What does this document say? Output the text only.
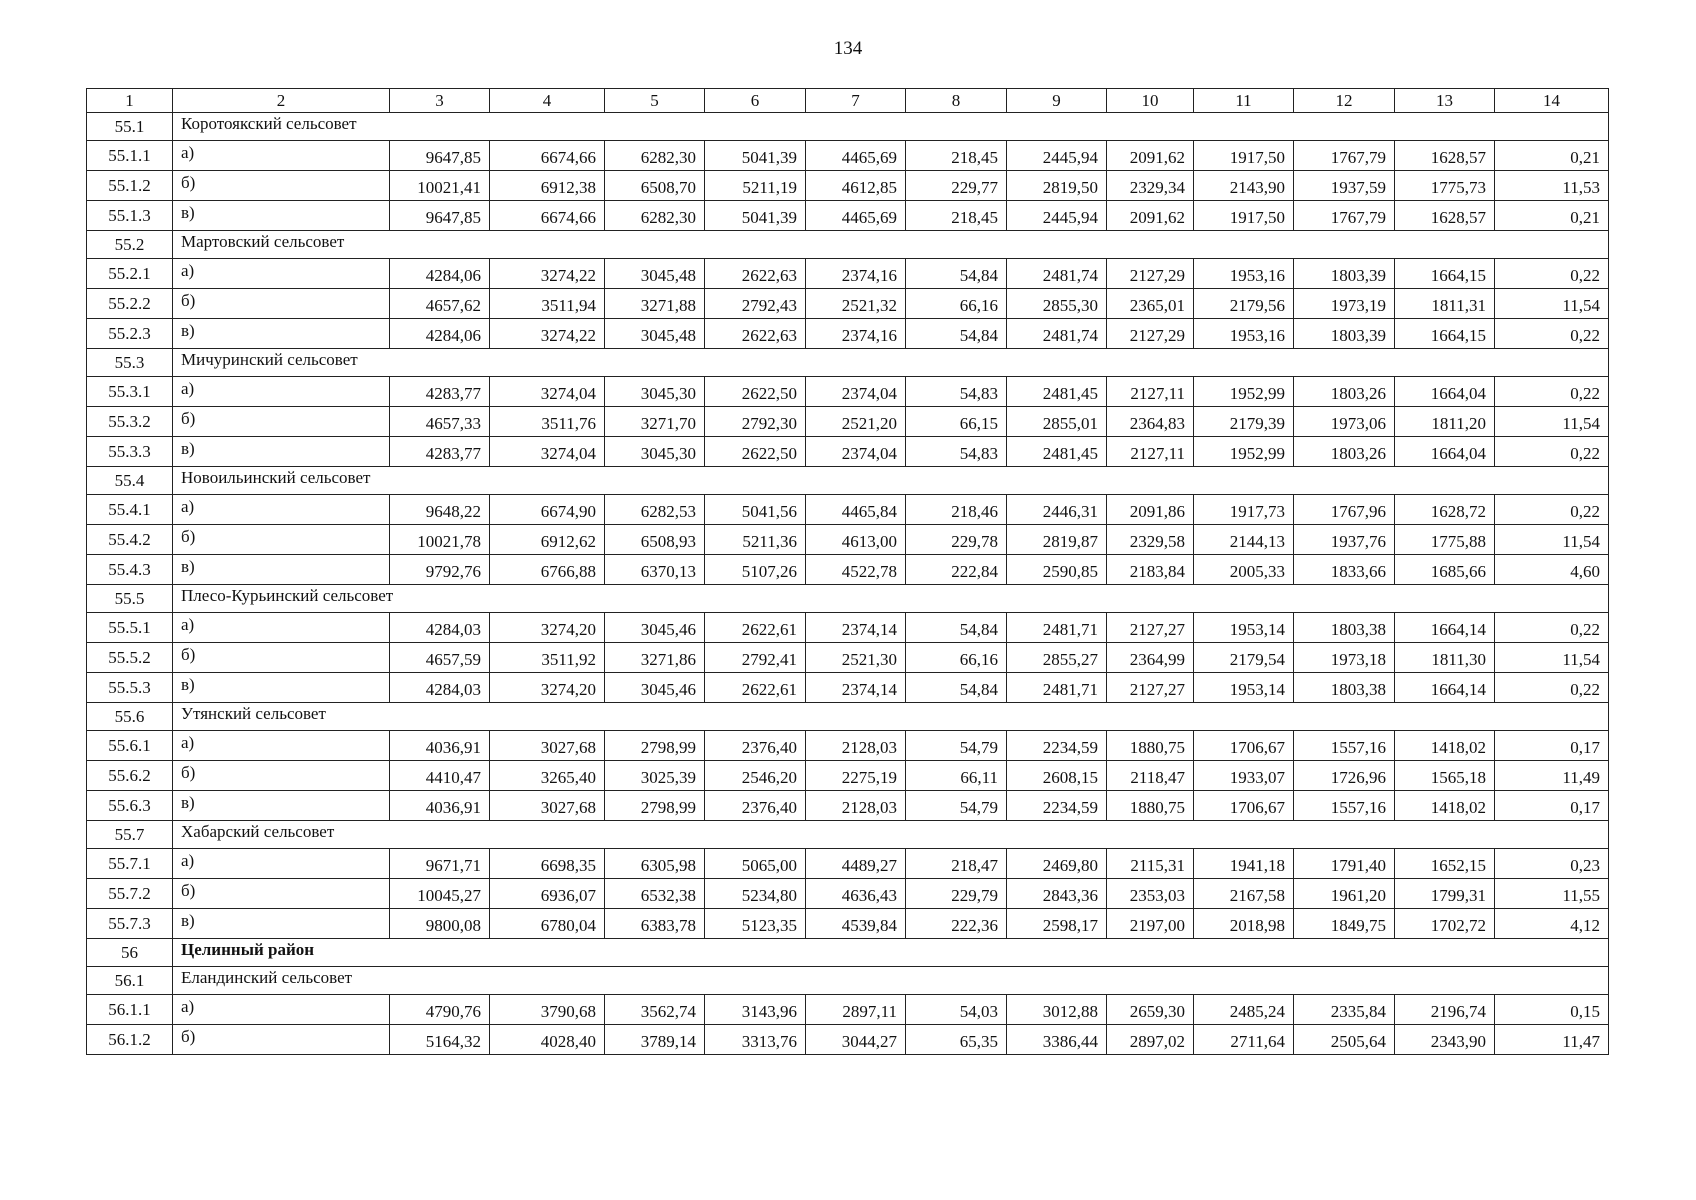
134
1	2	3	4	5	6	7	8	9	10	11	12	13	14
55.1	Коротоякский сельсовет												
55.1.1	а)	9647,85	6674,66	6282,30	5041,39	4465,69	218,45	2445,94	2091,62	1917,50	1767,79	1628,57	0,21
55.1.2	б)	10021,41	6912,38	6508,70	5211,19	4612,85	229,77	2819,50	2329,34	2143,90	1937,59	1775,73	11,53
55.1.3	в)	9647,85	6674,66	6282,30	5041,39	4465,69	218,45	2445,94	2091,62	1917,50	1767,79	1628,57	0,21
55.2	Мартовский сельсовет												
55.2.1	а)	4284,06	3274,22	3045,48	2622,63	2374,16	54,84	2481,74	2127,29	1953,16	1803,39	1664,15	0,22
55.2.2	б)	4657,62	3511,94	3271,88	2792,43	2521,32	66,16	2855,30	2365,01	2179,56	1973,19	1811,31	11,54
55.2.3	в)	4284,06	3274,22	3045,48	2622,63	2374,16	54,84	2481,74	2127,29	1953,16	1803,39	1664,15	0,22
55.3	Мичуринский сельсовет												
55.3.1	а)	4283,77	3274,04	3045,30	2622,50	2374,04	54,83	2481,45	2127,11	1952,99	1803,26	1664,04	0,22
55.3.2	б)	4657,33	3511,76	3271,70	2792,30	2521,20	66,15	2855,01	2364,83	2179,39	1973,06	1811,20	11,54
55.3.3	в)	4283,77	3274,04	3045,30	2622,50	2374,04	54,83	2481,45	2127,11	1952,99	1803,26	1664,04	0,22
55.4	Новоильинский сельсовет												
55.4.1	а)	9648,22	6674,90	6282,53	5041,56	4465,84	218,46	2446,31	2091,86	1917,73	1767,96	1628,72	0,22
55.4.2	б)	10021,78	6912,62	6508,93	5211,36	4613,00	229,78	2819,87	2329,58	2144,13	1937,76	1775,88	11,54
55.4.3	в)	9792,76	6766,88	6370,13	5107,26	4522,78	222,84	2590,85	2183,84	2005,33	1833,66	1685,66	4,60
55.5	Плесо-Курьинский сельсовет												
55.5.1	а)	4284,03	3274,20	3045,46	2622,61	2374,14	54,84	2481,71	2127,27	1953,14	1803,38	1664,14	0,22
55.5.2	б)	4657,59	3511,92	3271,86	2792,41	2521,30	66,16	2855,27	2364,99	2179,54	1973,18	1811,30	11,54
55.5.3	в)	4284,03	3274,20	3045,46	2622,61	2374,14	54,84	2481,71	2127,27	1953,14	1803,38	1664,14	0,22
55.6	Утянский сельсовет												
55.6.1	а)	4036,91	3027,68	2798,99	2376,40	2128,03	54,79	2234,59	1880,75	1706,67	1557,16	1418,02	0,17
55.6.2	б)	4410,47	3265,40	3025,39	2546,20	2275,19	66,11	2608,15	2118,47	1933,07	1726,96	1565,18	11,49
55.6.3	в)	4036,91	3027,68	2798,99	2376,40	2128,03	54,79	2234,59	1880,75	1706,67	1557,16	1418,02	0,17
55.7	Хабарский сельсовет												
55.7.1	а)	9671,71	6698,35	6305,98	5065,00	4489,27	218,47	2469,80	2115,31	1941,18	1791,40	1652,15	0,23
55.7.2	б)	10045,27	6936,07	6532,38	5234,80	4636,43	229,79	2843,36	2353,03	2167,58	1961,20	1799,31	11,55
55.7.3	в)	9800,08	6780,04	6383,78	5123,35	4539,84	222,36	2598,17	2197,00	2018,98	1849,75	1702,72	4,12
56	Целинный район												
56.1	Еландинский сельсовет												
56.1.1	а)	4790,76	3790,68	3562,74	3143,96	2897,11	54,03	3012,88	2659,30	2485,24	2335,84	2196,74	0,15
56.1.2	б)	5164,32	4028,40	3789,14	3313,76	3044,27	65,35	3386,44	2897,02	2711,64	2505,64	2343,90	11,47
